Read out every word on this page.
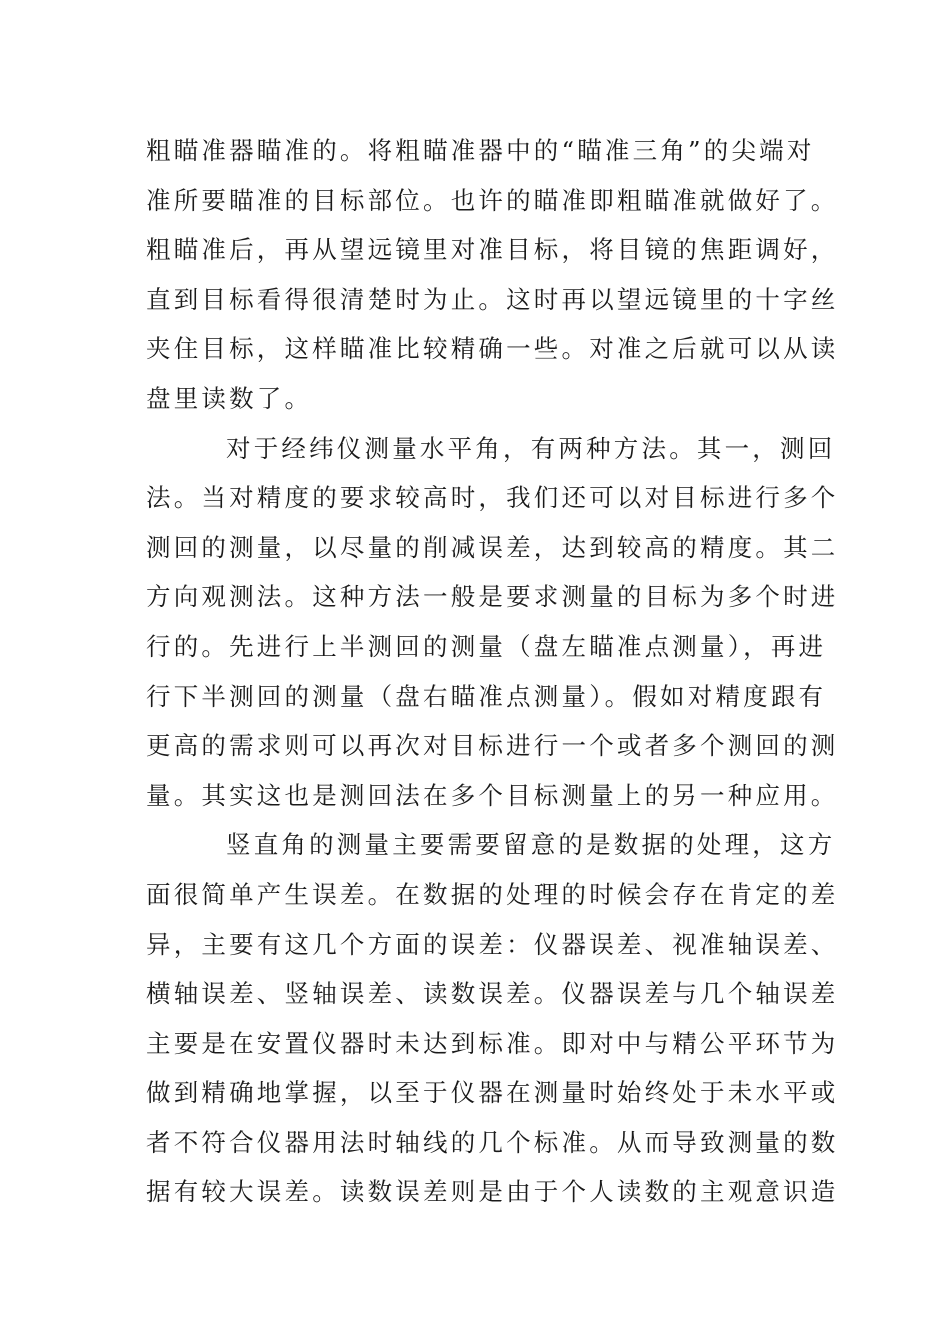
粗瞄准器瞄准的。将粗瞄准器中的“瞄准三角”的尖端对
准所要瞄准的目标部位。也许的瞄准即粗瞄准就做好了。
粗瞄准后，再从望远镜里对准目标，将目镜的焦距调好，
直到目标看得很清楚时为止。这时再以望远镜里的十字丝
夹住目标，这样瞄准比较精确一些。对准之后就可以从读
盘里读数了。
对于经纬仪测量水平角，有两种方法。其一，测回
法。当对精度的要求较高时，我们还可以对目标进行多个
测回的测量，以尽量的削减误差，达到较高的精度。其二
方向观测法。这种方法一般是要求测量的目标为多个时进
行的。先进行上半测回的测量（盘左瞄准点测量），再进
行下半测回的测量（盘右瞄准点测量）。假如对精度跟有
更高的需求则可以再次对目标进行一个或者多个测回的测
量。其实这也是测回法在多个目标测量上的另一种应用。
竖直角的测量主要需要留意的是数据的处理，这方
面很简单产生误差。在数据的处理的时候会存在肯定的差
异，主要有这几个方面的误差：仪器误差、视准轴误差、
横轴误差、竖轴误差、读数误差。仪器误差与几个轴误差
主要是在安置仪器时未达到标准。即对中与精公平环节为
做到精确地掌握，以至于仪器在测量时始终处于未水平或
者不符合仪器用法时轴线的几个标准。从而导致测量的数
据有较大误差。读数误差则是由于个人读数的主观意识造
